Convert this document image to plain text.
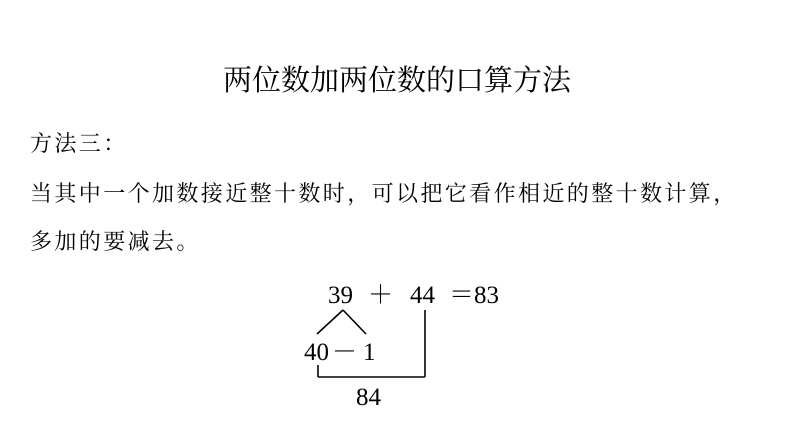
两位数加两位数的口算方法
方法三：
当其中一个加数接近整十数时，可以把它看作相近的整十数计算，
多加的要减去。
39 ＋ 44 ＝83
40 － 1
84
